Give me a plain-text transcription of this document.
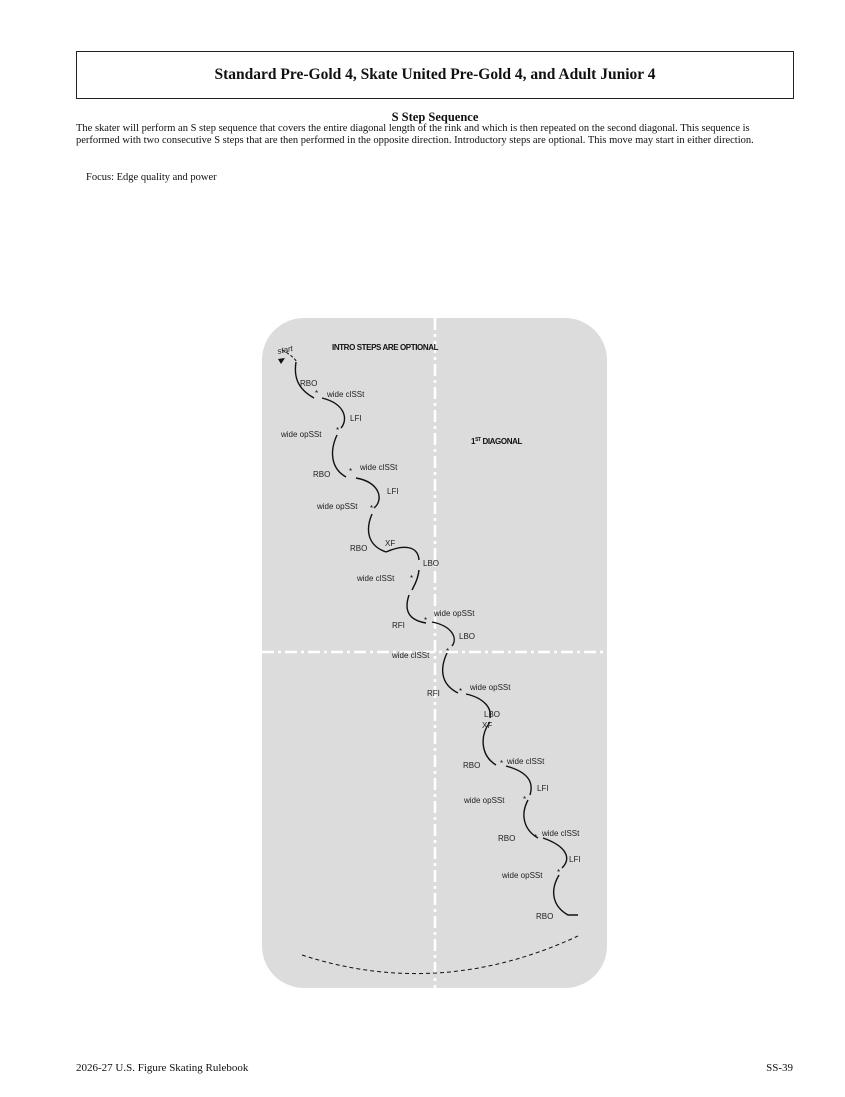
Standard Pre-Gold 4, Skate United Pre-Gold 4, and Adult Junior 4
S Step Sequence

The skater will perform an S step sequence that covers the entire diagonal length of the rink and which is then repeated on the second diagonal. This sequence is performed with two consecutive S steps that are then performed in the opposite direction. Introductory steps are optional. This move may start in either direction.

Focus: Edge quality and power
*
*
*
*
*
*
*
*
*
*
*
*
INTRO STEPS ARE OPTIONAL
start
1ST DIAGONAL
RBO
wide clSSt
LFI
wide opSSt
RBO
wide clSSt
LFI
wide opSSt
RBO
XF
LBO
wide clSSt
RFI
wide opSSt
LBO
wide clSSt
RFI
wide opSSt
LBO
XF
RBO	wide clSSt
LFI
wide opSSt
RBO
wide clSSt
LFI
wide opSSt
RBO
2026-27 U.S. Figure Skating Rulebook	SS-39
